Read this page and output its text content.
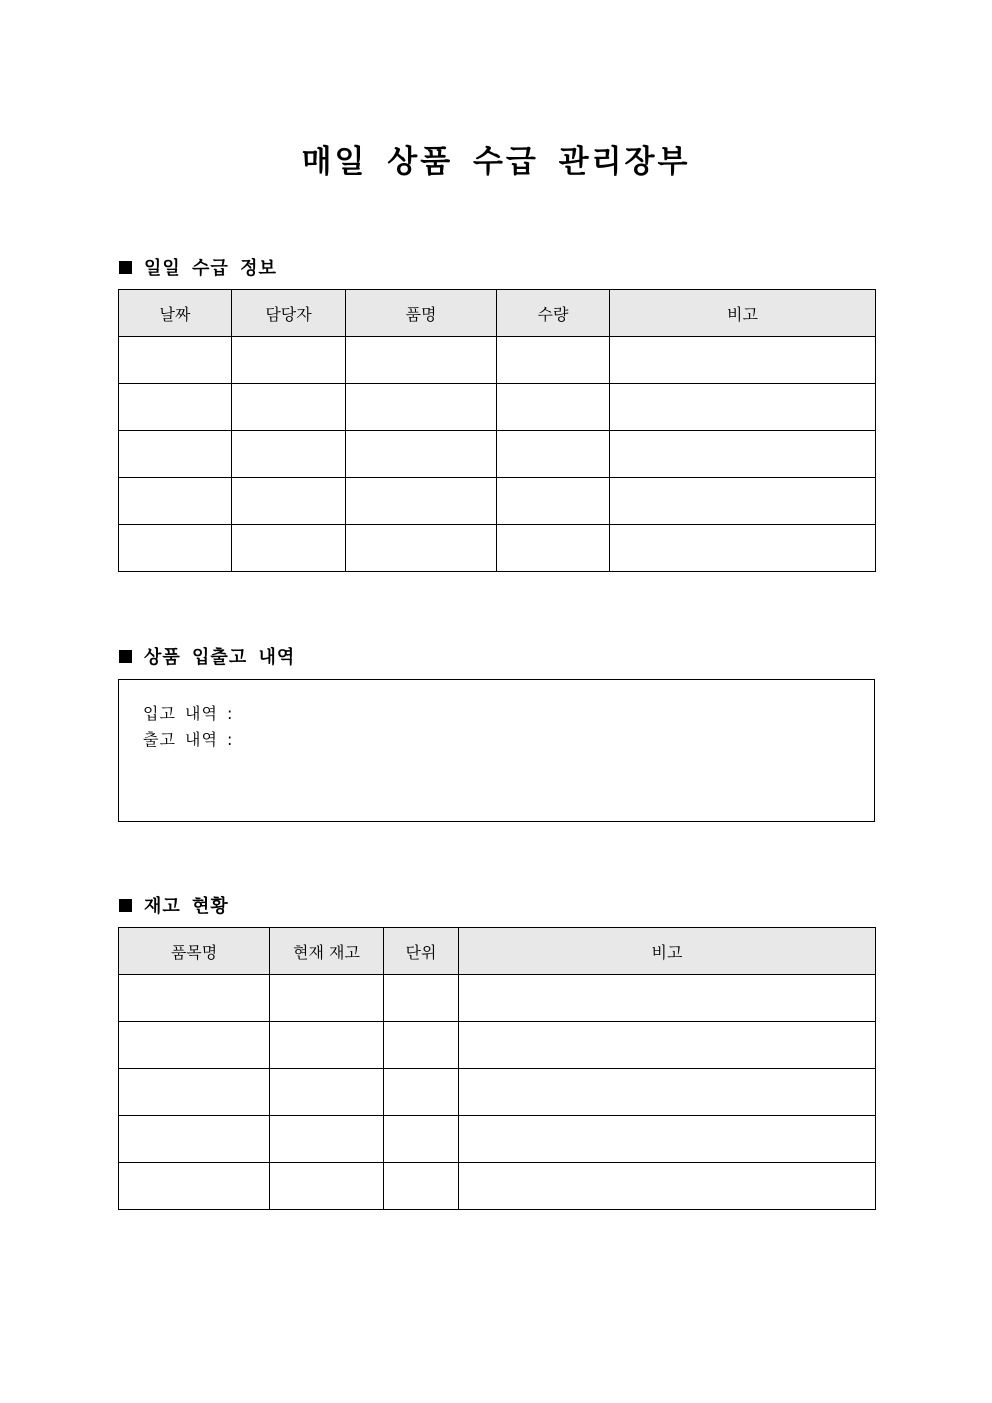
매일 상품 수급 관리장부
일일 수급 정보
날짜	담당자	품명	수량	비고

상품 입출고 내역
입고 내역 :
출고 내역 :
재고 현황
품목명	현재 재고	단위	비고
